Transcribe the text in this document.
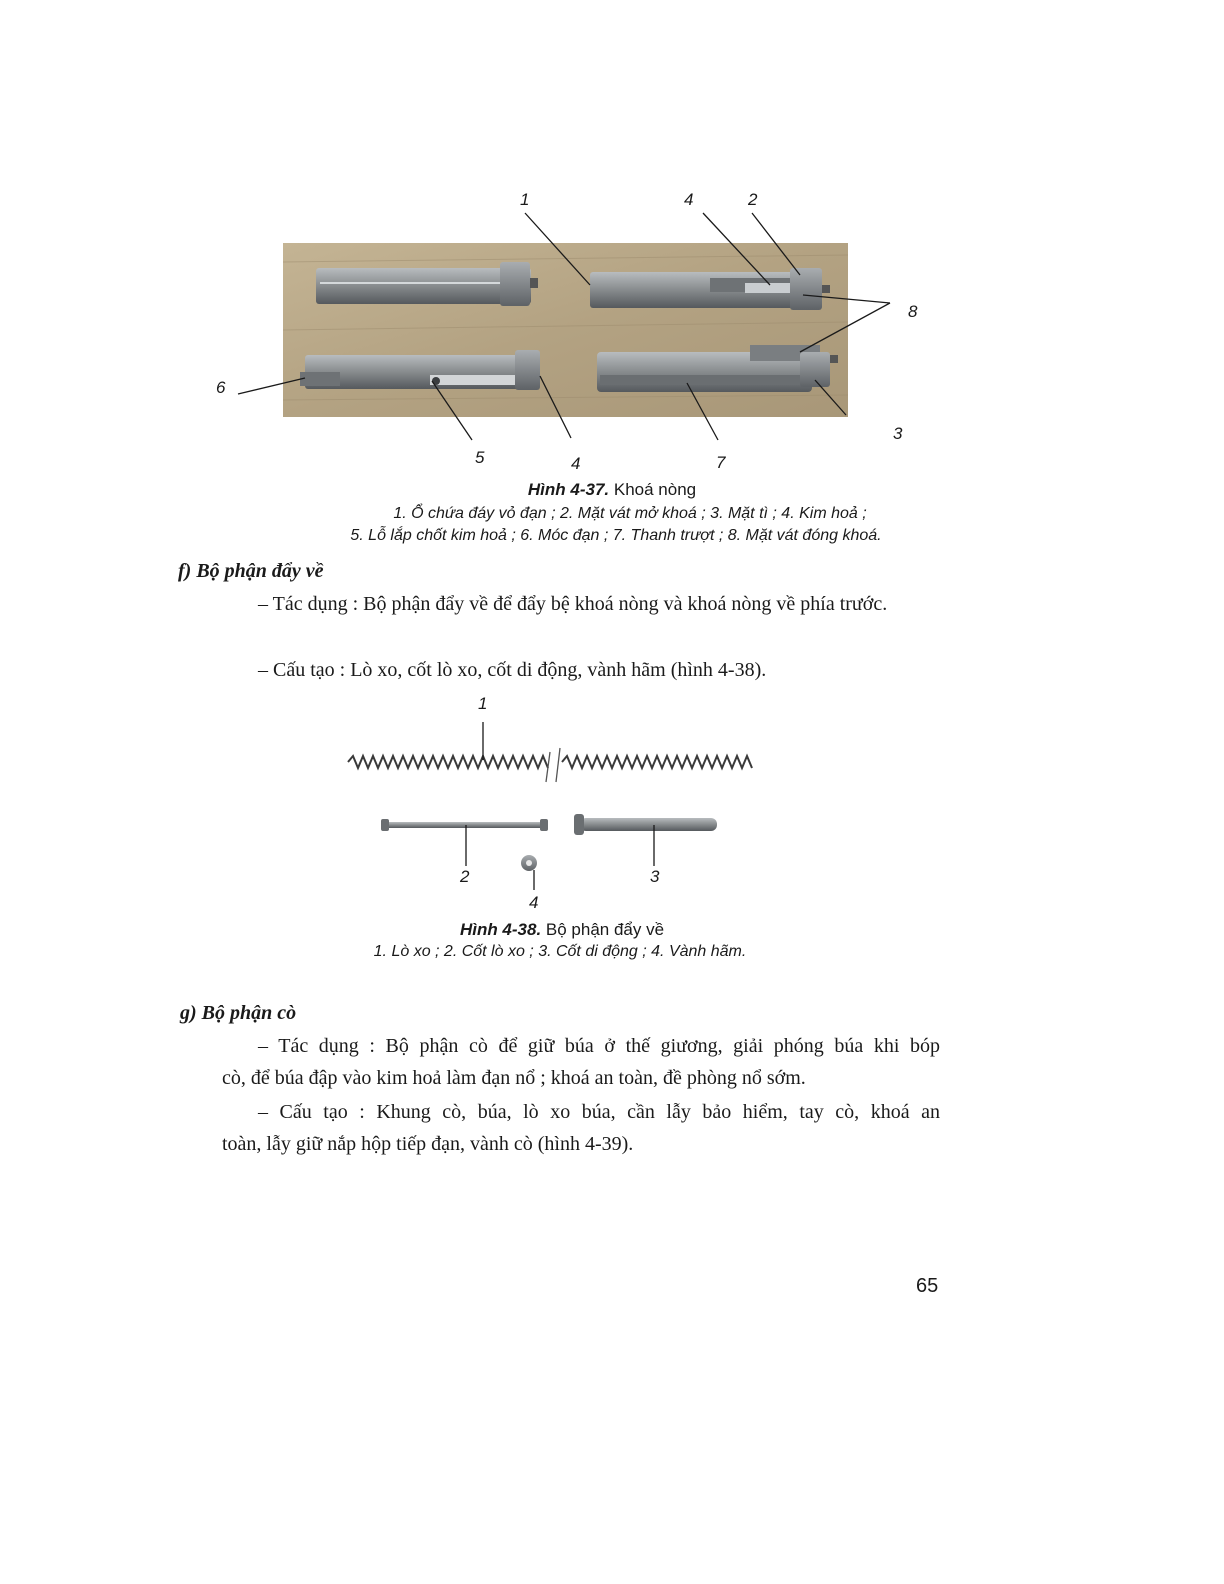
1	4	2
8
6
3
5	4	7
Hình 4-37. Khoá nòng
1. Ổ chứa đáy vỏ đạn ; 2. Mặt vát mở khoá ; 3. Mặt tì ; 4. Kim hoả ;
5. Lỗ lắp chốt kim hoả ; 6. Móc đạn ; 7. Thanh trượt ; 8. Mặt vát đóng khoá.
f) Bộ phận đẩy về
– Tác dụng : Bộ phận đẩy về để đẩy bệ khoá nòng và khoá nòng về phía trước.
– Cấu tạo : Lò xo, cốt lò xo, cốt di động, vành hãm (hình 4-38).
1
2	3
4
Hình 4-38. Bộ phận đẩy về
1. Lò xo ; 2. Cốt lò xo ; 3. Cốt di động ; 4. Vành hãm.
g) Bộ phận cò
– Tác dụng : Bộ phận cò để giữ búa ở thế giương, giải phóng búa khi bóp
cò, để búa đập vào kim hoả làm đạn nổ ; khoá an toàn, đề phòng nổ sớm.
– Cấu tạo : Khung cò, búa, lò xo búa, cần lẫy bảo hiểm, tay cò, khoá an
toàn, lẫy giữ nắp hộp tiếp đạn, vành cò (hình 4-39).
65
